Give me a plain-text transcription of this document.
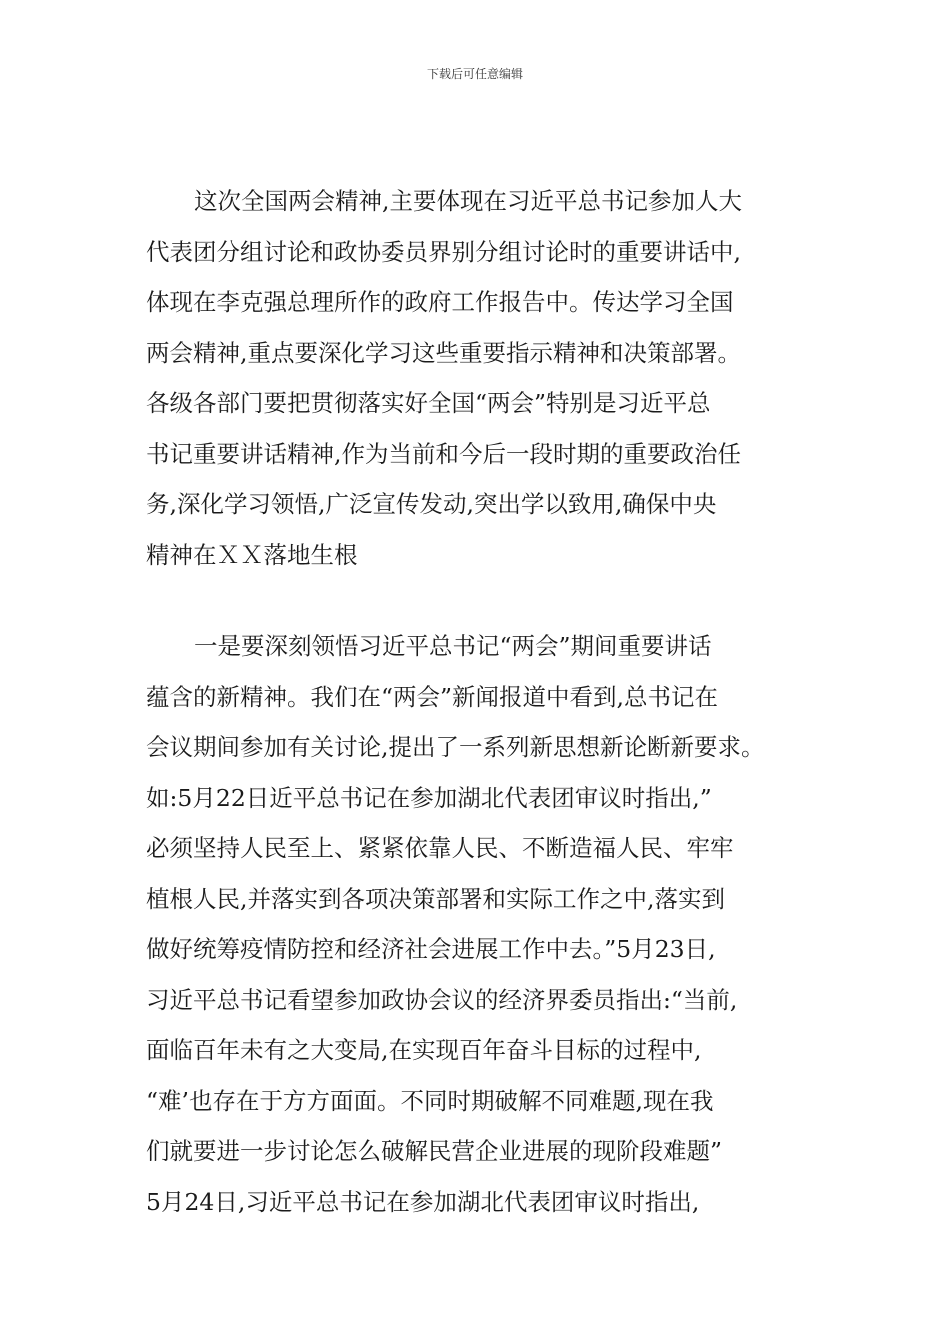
下载后可任意编辑

这次全国两会精神,主要体现在习近平总书记参加人大
代表团分组讨论和政协委员界别分组讨论时的重要讲话中,
体现在李克强总理所作的政府工作报告中。传达学习全国
两会精神,重点要深化学习这些重要指示精神和决策部署。
各级各部门要把贯彻落实好全国“两会”特别是习近平总
书记重要讲话精神,作为当前和今后一段时期的重要政治任
务,深化学习领悟,广泛宣传发动,突出学以致用,确保中央
精神在ＸＸ落地生根

一是要深刻领悟习近平总书记“两会”期间重要讲话
蕴含的新精神。我们在“两会”新闻报道中看到,总书记在
会议期间参加有关讨论,提出了一系列新思想新论断新要求。
如:5月22日近平总书记在参加湖北代表团审议时指出,”
必须坚持人民至上、紧紧依靠人民、不断造福人民、牢牢
植根人民,并落实到各项决策部署和实际工作之中,落实到
做好统筹疫情防控和经济社会进展工作中去。”5月23日,
习近平总书记看望参加政协会议的经济界委员指出:“当前,
面临百年未有之大变局,在实现百年奋斗目标的过程中,
“难’也存在于方方面面。不同时期破解不同难题,现在我
们就要进一步讨论怎么破解民营企业进展的现阶段难题”
5月24日,习近平总书记在参加湖北代表团审议时指出,
